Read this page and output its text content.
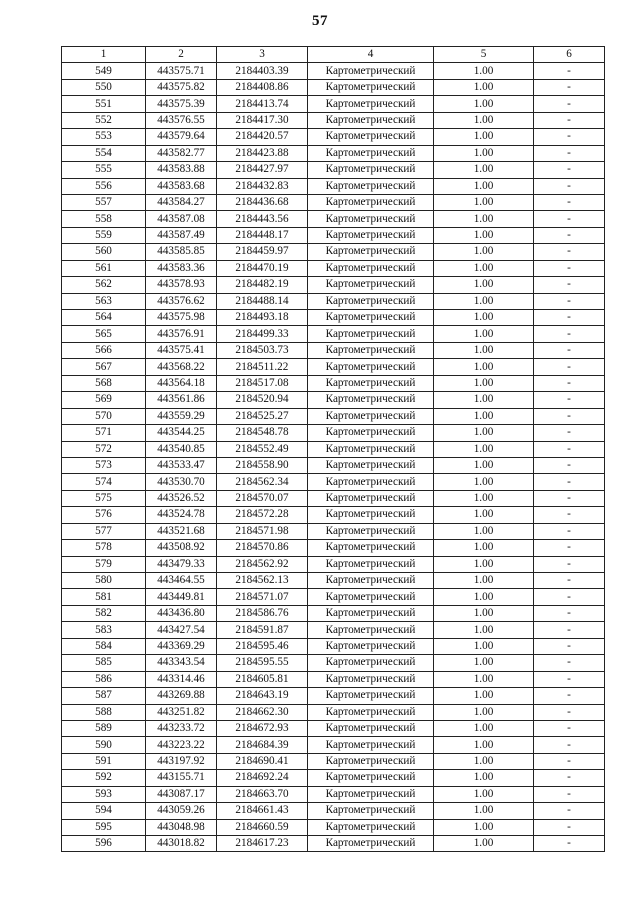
57
1	2	3	4	5	6
549	443575.71	2184403.39	Картометрический	1.00	-
550	443575.82	2184408.86	Картометрический	1.00	-
551	443575.39	2184413.74	Картометрический	1.00	-
552	443576.55	2184417.30	Картометрический	1.00	-
553	443579.64	2184420.57	Картометрический	1.00	-
554	443582.77	2184423.88	Картометрический	1.00	-
555	443583.88	2184427.97	Картометрический	1.00	-
556	443583.68	2184432.83	Картометрический	1.00	-
557	443584.27	2184436.68	Картометрический	1.00	-
558	443587.08	2184443.56	Картометрический	1.00	-
559	443587.49	2184448.17	Картометрический	1.00	-
560	443585.85	2184459.97	Картометрический	1.00	-
561	443583.36	2184470.19	Картометрический	1.00	-
562	443578.93	2184482.19	Картометрический	1.00	-
563	443576.62	2184488.14	Картометрический	1.00	-
564	443575.98	2184493.18	Картометрический	1.00	-
565	443576.91	2184499.33	Картометрический	1.00	-
566	443575.41	2184503.73	Картометрический	1.00	-
567	443568.22	2184511.22	Картометрический	1.00	-
568	443564.18	2184517.08	Картометрический	1.00	-
569	443561.86	2184520.94	Картометрический	1.00	-
570	443559.29	2184525.27	Картометрический	1.00	-
571	443544.25	2184548.78	Картометрический	1.00	-
572	443540.85	2184552.49	Картометрический	1.00	-
573	443533.47	2184558.90	Картометрический	1.00	-
574	443530.70	2184562.34	Картометрический	1.00	-
575	443526.52	2184570.07	Картометрический	1.00	-
576	443524.78	2184572.28	Картометрический	1.00	-
577	443521.68	2184571.98	Картометрический	1.00	-
578	443508.92	2184570.86	Картометрический	1.00	-
579	443479.33	2184562.92	Картометрический	1.00	-
580	443464.55	2184562.13	Картометрический	1.00	-
581	443449.81	2184571.07	Картометрический	1.00	-
582	443436.80	2184586.76	Картометрический	1.00	-
583	443427.54	2184591.87	Картометрический	1.00	-
584	443369.29	2184595.46	Картометрический	1.00	-
585	443343.54	2184595.55	Картометрический	1.00	-
586	443314.46	2184605.81	Картометрический	1.00	-
587	443269.88	2184643.19	Картометрический	1.00	-
588	443251.82	2184662.30	Картометрический	1.00	-
589	443233.72	2184672.93	Картометрический	1.00	-
590	443223.22	2184684.39	Картометрический	1.00	-
591	443197.92	2184690.41	Картометрический	1.00	-
592	443155.71	2184692.24	Картометрический	1.00	-
593	443087.17	2184663.70	Картометрический	1.00	-
594	443059.26	2184661.43	Картометрический	1.00	-
595	443048.98	2184660.59	Картометрический	1.00	-
596	443018.82	2184617.23	Картометрический	1.00	-
